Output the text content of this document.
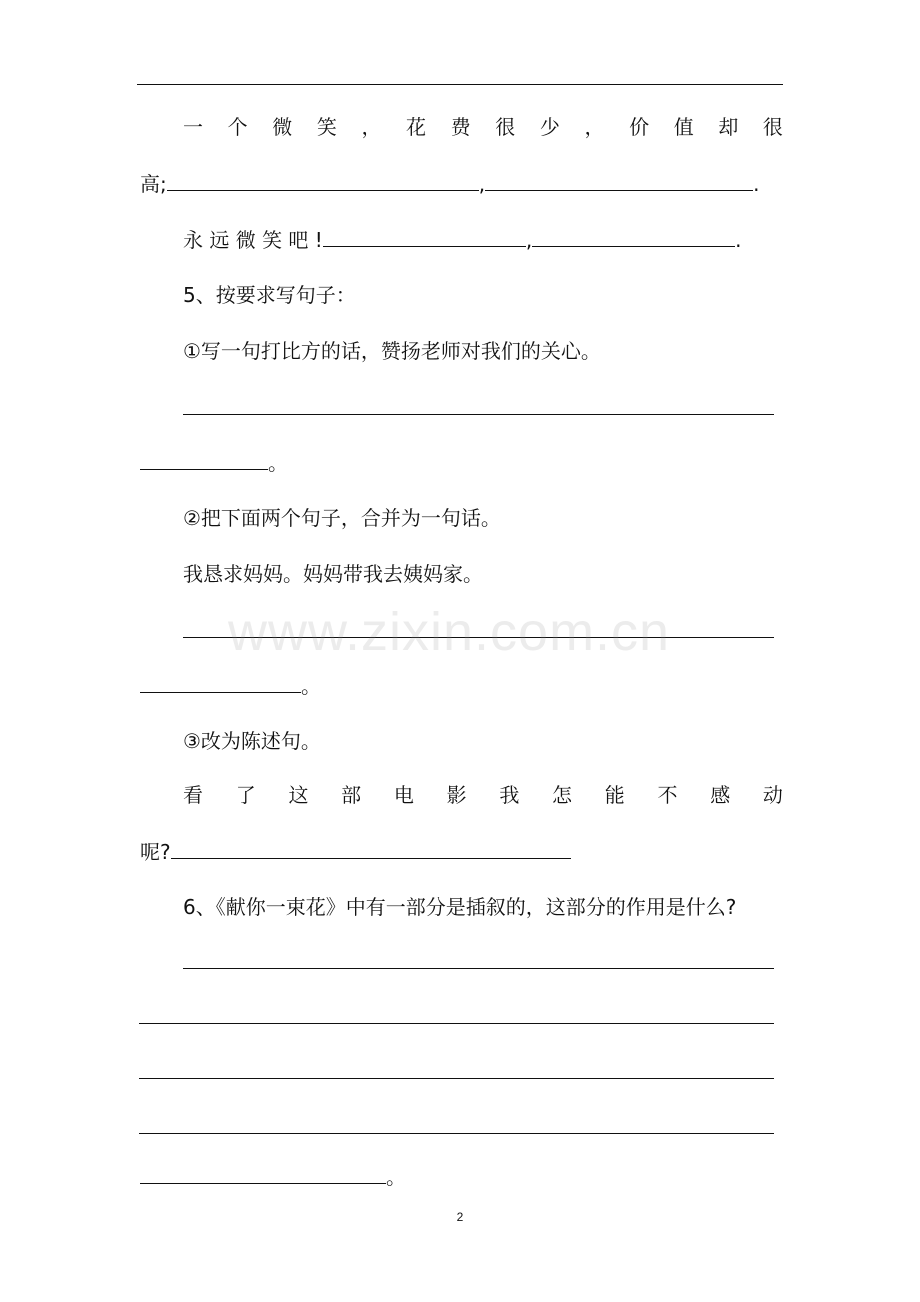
一 个 微 笑 ， 花 费 很 少 ， 价 值 却 很
高;	,	.
永 远 微 笑 吧 !	,	.
5、按要求写句子：
①写一句打比方的话，赞扬老师对我们的关心。
。
②把下面两个句子，合并为一句话。
我恳求妈妈。妈妈带我去姨妈家。
。
③改为陈述句。
看 了 这 部 电 影 我 怎 能 不 感 动
呢?
6、《献你一束花》中有一部分是插叙的，这部分的作用是什么?
。
www.zixin.com.cn
2
